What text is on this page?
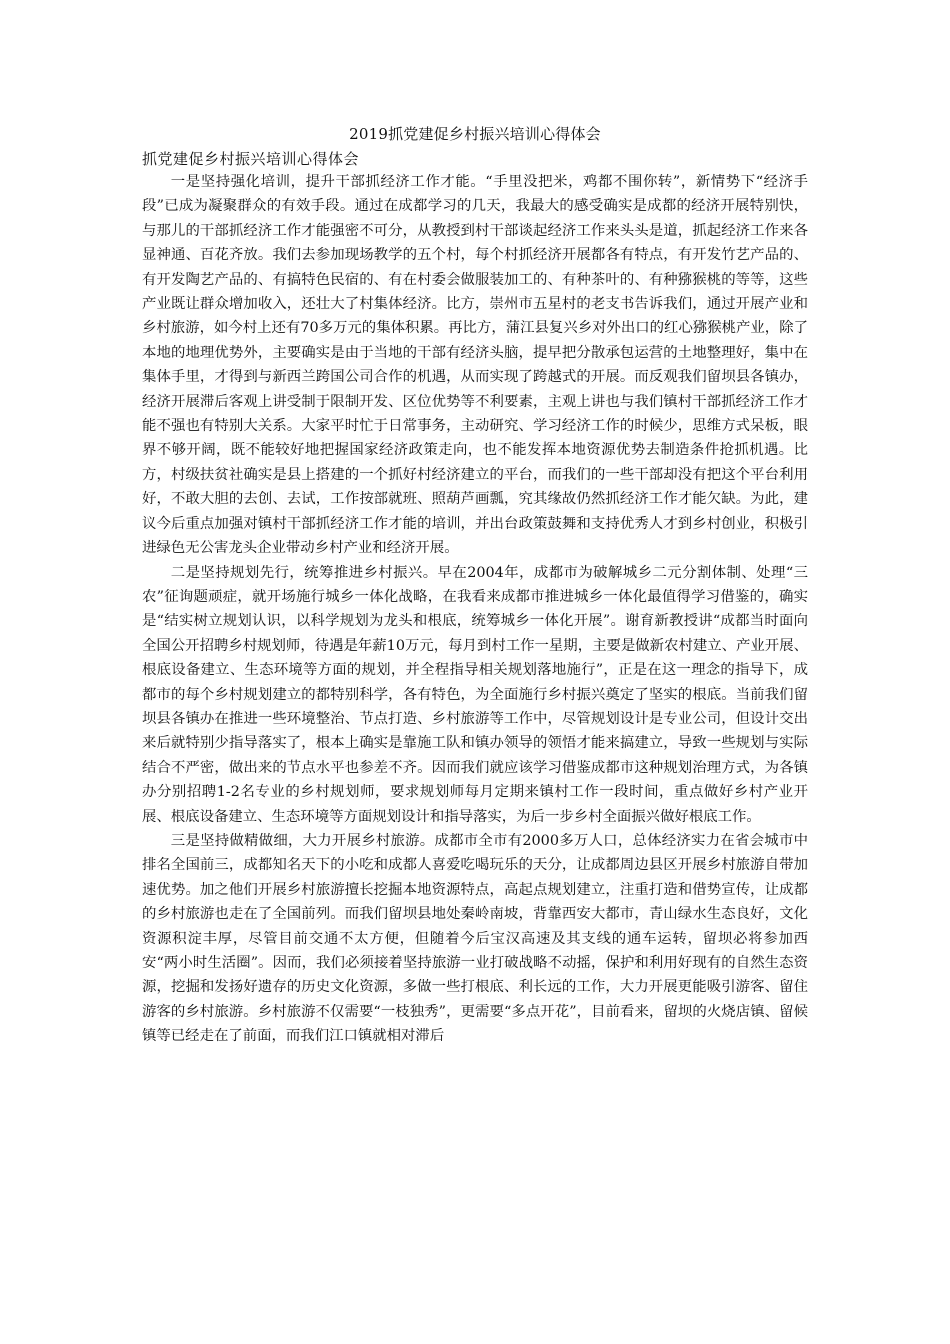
2019抓党建促乡村振兴培训心得体会
抓党建促乡村振兴培训心得体会

一是坚持强化培训，提升干部抓经济工作才能。“手里没把米，鸡都不围你转”，新情势下“经济手段”已成为凝聚群众的有效手段。通过在成都学习的几天，我最大的感受确实是成都的经济开展特别快，与那儿的干部抓经济工作才能强密不可分，从教授到村干部谈起经济工作来头头是道，抓起经济工作来各显神通、百花齐放。我们去参加现场教学的五个村，每个村抓经济开展都各有特点，有开发竹艺产品的、有开发陶艺产品的、有搞特色民宿的、有在村委会做服装加工的、有种茶叶的、有种猕猴桃的等等，这些产业既让群众增加收入，还壮大了村集体经济。比方，崇州市五星村的老支书告诉我们，通过开展产业和乡村旅游，如今村上还有70多万元的集体积累。再比方，蒲江县复兴乡对外出口的红心猕猴桃产业，除了本地的地理优势外，主要确实是由于当地的干部有经济头脑，提早把分散承包运营的土地整理好，集中在集体手里，才得到与新西兰跨国公司合作的机遇，从而实现了跨越式的开展。而反观我们留坝县各镇办，经济开展滞后客观上讲受制于限制开发、区位优势等不利要素，主观上讲也与我们镇村干部抓经济工作才能不强也有特别大关系。大家平时忙于日常事务，主动研究、学习经济工作的时候少，思维方式呆板，眼界不够开阔，既不能较好地把握国家经济政策走向，也不能发挥本地资源优势去制造条件抢抓机遇。比方，村级扶贫社确实是县上搭建的一个抓好村经济建立的平台，而我们的一些干部却没有把这个平台利用好，不敢大胆的去创、去试，工作按部就班、照葫芦画瓢，究其缘故仍然抓经济工作才能欠缺。为此，建议今后重点加强对镇村干部抓经济工作才能的培训，并出台政策鼓舞和支持优秀人才到乡村创业，积极引进绿色无公害龙头企业带动乡村产业和经济开展。

二是坚持规划先行，统筹推进乡村振兴。早在2004年，成都市为破解城乡二元分割体制、处理“三农”征询题顽症，就开场施行城乡一体化战略，在我看来成都市推进城乡一体化最值得学习借鉴的，确实是“结实树立规划认识，以科学规划为龙头和根底，统筹城乡一体化开展”。谢育新教授讲“成都当时面向全国公开招聘乡村规划师，待遇是年薪10万元，每月到村工作一星期，主要是做新农村建立、产业开展、根底设备建立、生态环境等方面的规划，并全程指导相关规划落地施行”，正是在这一理念的指导下，成都市的每个乡村规划建立的都特别科学，各有特色，为全面施行乡村振兴奠定了坚实的根底。当前我们留坝县各镇办在推进一些环境整治、节点打造、乡村旅游等工作中，尽管规划设计是专业公司，但设计交出来后就特别少指导落实了，根本上确实是靠施工队和镇办领导的领悟才能来搞建立，导致一些规划与实际结合不严密，做出来的节点水平也参差不齐。因而我们就应该学习借鉴成都市这种规划治理方式，为各镇办分别招聘1-2名专业的乡村规划师，要求规划师每月定期来镇村工作一段时间，重点做好乡村产业开展、根底设备建立、生态环境等方面规划设计和指导落实，为后一步乡村全面振兴做好根底工作。

三是坚持做精做细，大力开展乡村旅游。成都市全市有2000多万人口，总体经济实力在省会城市中排名全国前三，成都知名天下的小吃和成都人喜爱吃喝玩乐的天分，让成都周边县区开展乡村旅游自带加速优势。加之他们开展乡村旅游擅长挖掘本地资源特点，高起点规划建立，注重打造和借势宣传，让成都的乡村旅游也走在了全国前列。而我们留坝县地处秦岭南坡，背靠西安大都市，青山绿水生态良好，文化资源积淀丰厚，尽管目前交通不太方便，但随着今后宝汉高速及其支线的通车运转，留坝必将参加西安“两小时生活圈”。因而，我们必须接着坚持旅游一业打破战略不动摇，保护和利用好现有的自然生态资源，挖掘和发扬好遗存的历史文化资源，多做一些打根底、利长远的工作，大力开展更能吸引游客、留住游客的乡村旅游。乡村旅游不仅需要“一枝独秀”，更需要“多点开花”，目前看来，留坝的火烧店镇、留候镇等已经走在了前面，而我们江口镇就相对滞后
